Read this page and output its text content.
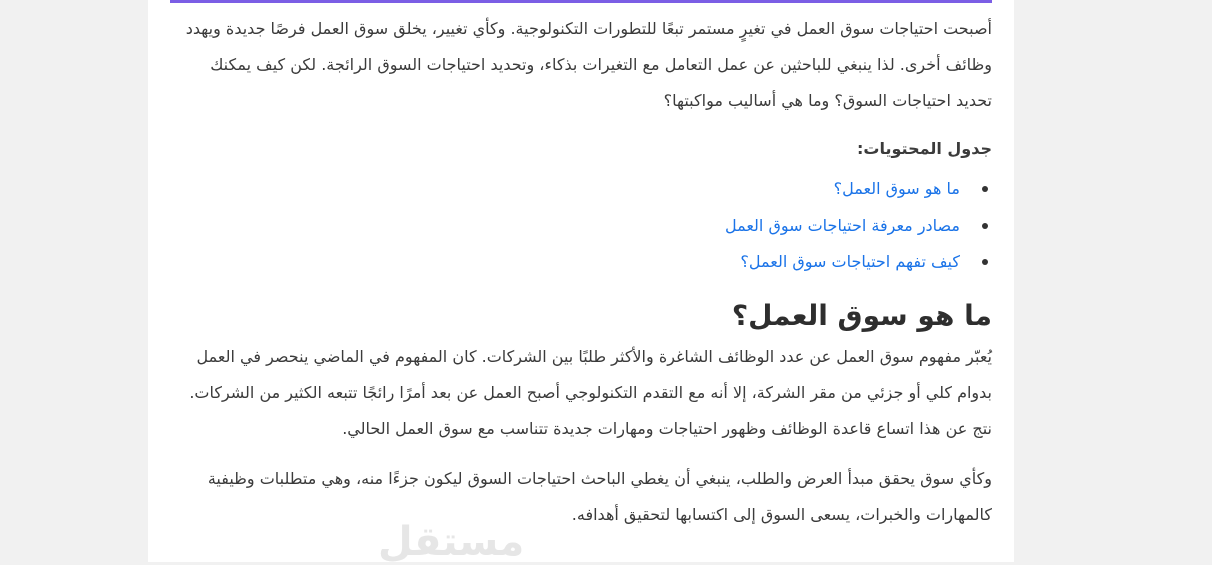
أصبحت احتياجات سوق العمل في تغيرٍ مستمر تبعًا للتطورات التكنولوجية. وكأي تغيير، يخلق سوق العمل فرصًا جديدة ويهدد وظائف أخرى. لذا ينبغي للباحثين عن عمل التعامل مع التغيرات بذكاء، وتحديد احتياجات السوق الرائجة. لكن كيف يمكنك تحديد احتياجات السوق؟ وما هي أساليب مواكبتها؟

جدول المحتويات:

ما هو سوق العمل؟
مصادر معرفة احتياجات سوق العمل
كيف تفهم احتياجات سوق العمل؟
ما هو سوق العمل؟

يُعبّر مفهوم سوق العمل عن عدد الوظائف الشاغرة والأكثر طلبًا بين الشركات. كان المفهوم في الماضي ينحصر في العمل بدوام كلي أو جزئي من مقر الشركة، إلا أنه مع التقدم التكنولوجي أصبح العمل عن بعد أمرًا رائجًا تتبعه الكثير من الشركات. نتج عن هذا اتساع قاعدة الوظائف وظهور احتياجات ومهارات جديدة تتناسب مع سوق العمل الحالي.

وكأي سوق يحقق مبدأ العرض والطلب، ينبغي أن يغطي الباحث احتياجات السوق ليكون جزءًا منه، وهي متطلبات وظيفية كالمهارات والخبرات، يسعى السوق إلى اكتسابها لتحقيق أهدافه.

مستقل
